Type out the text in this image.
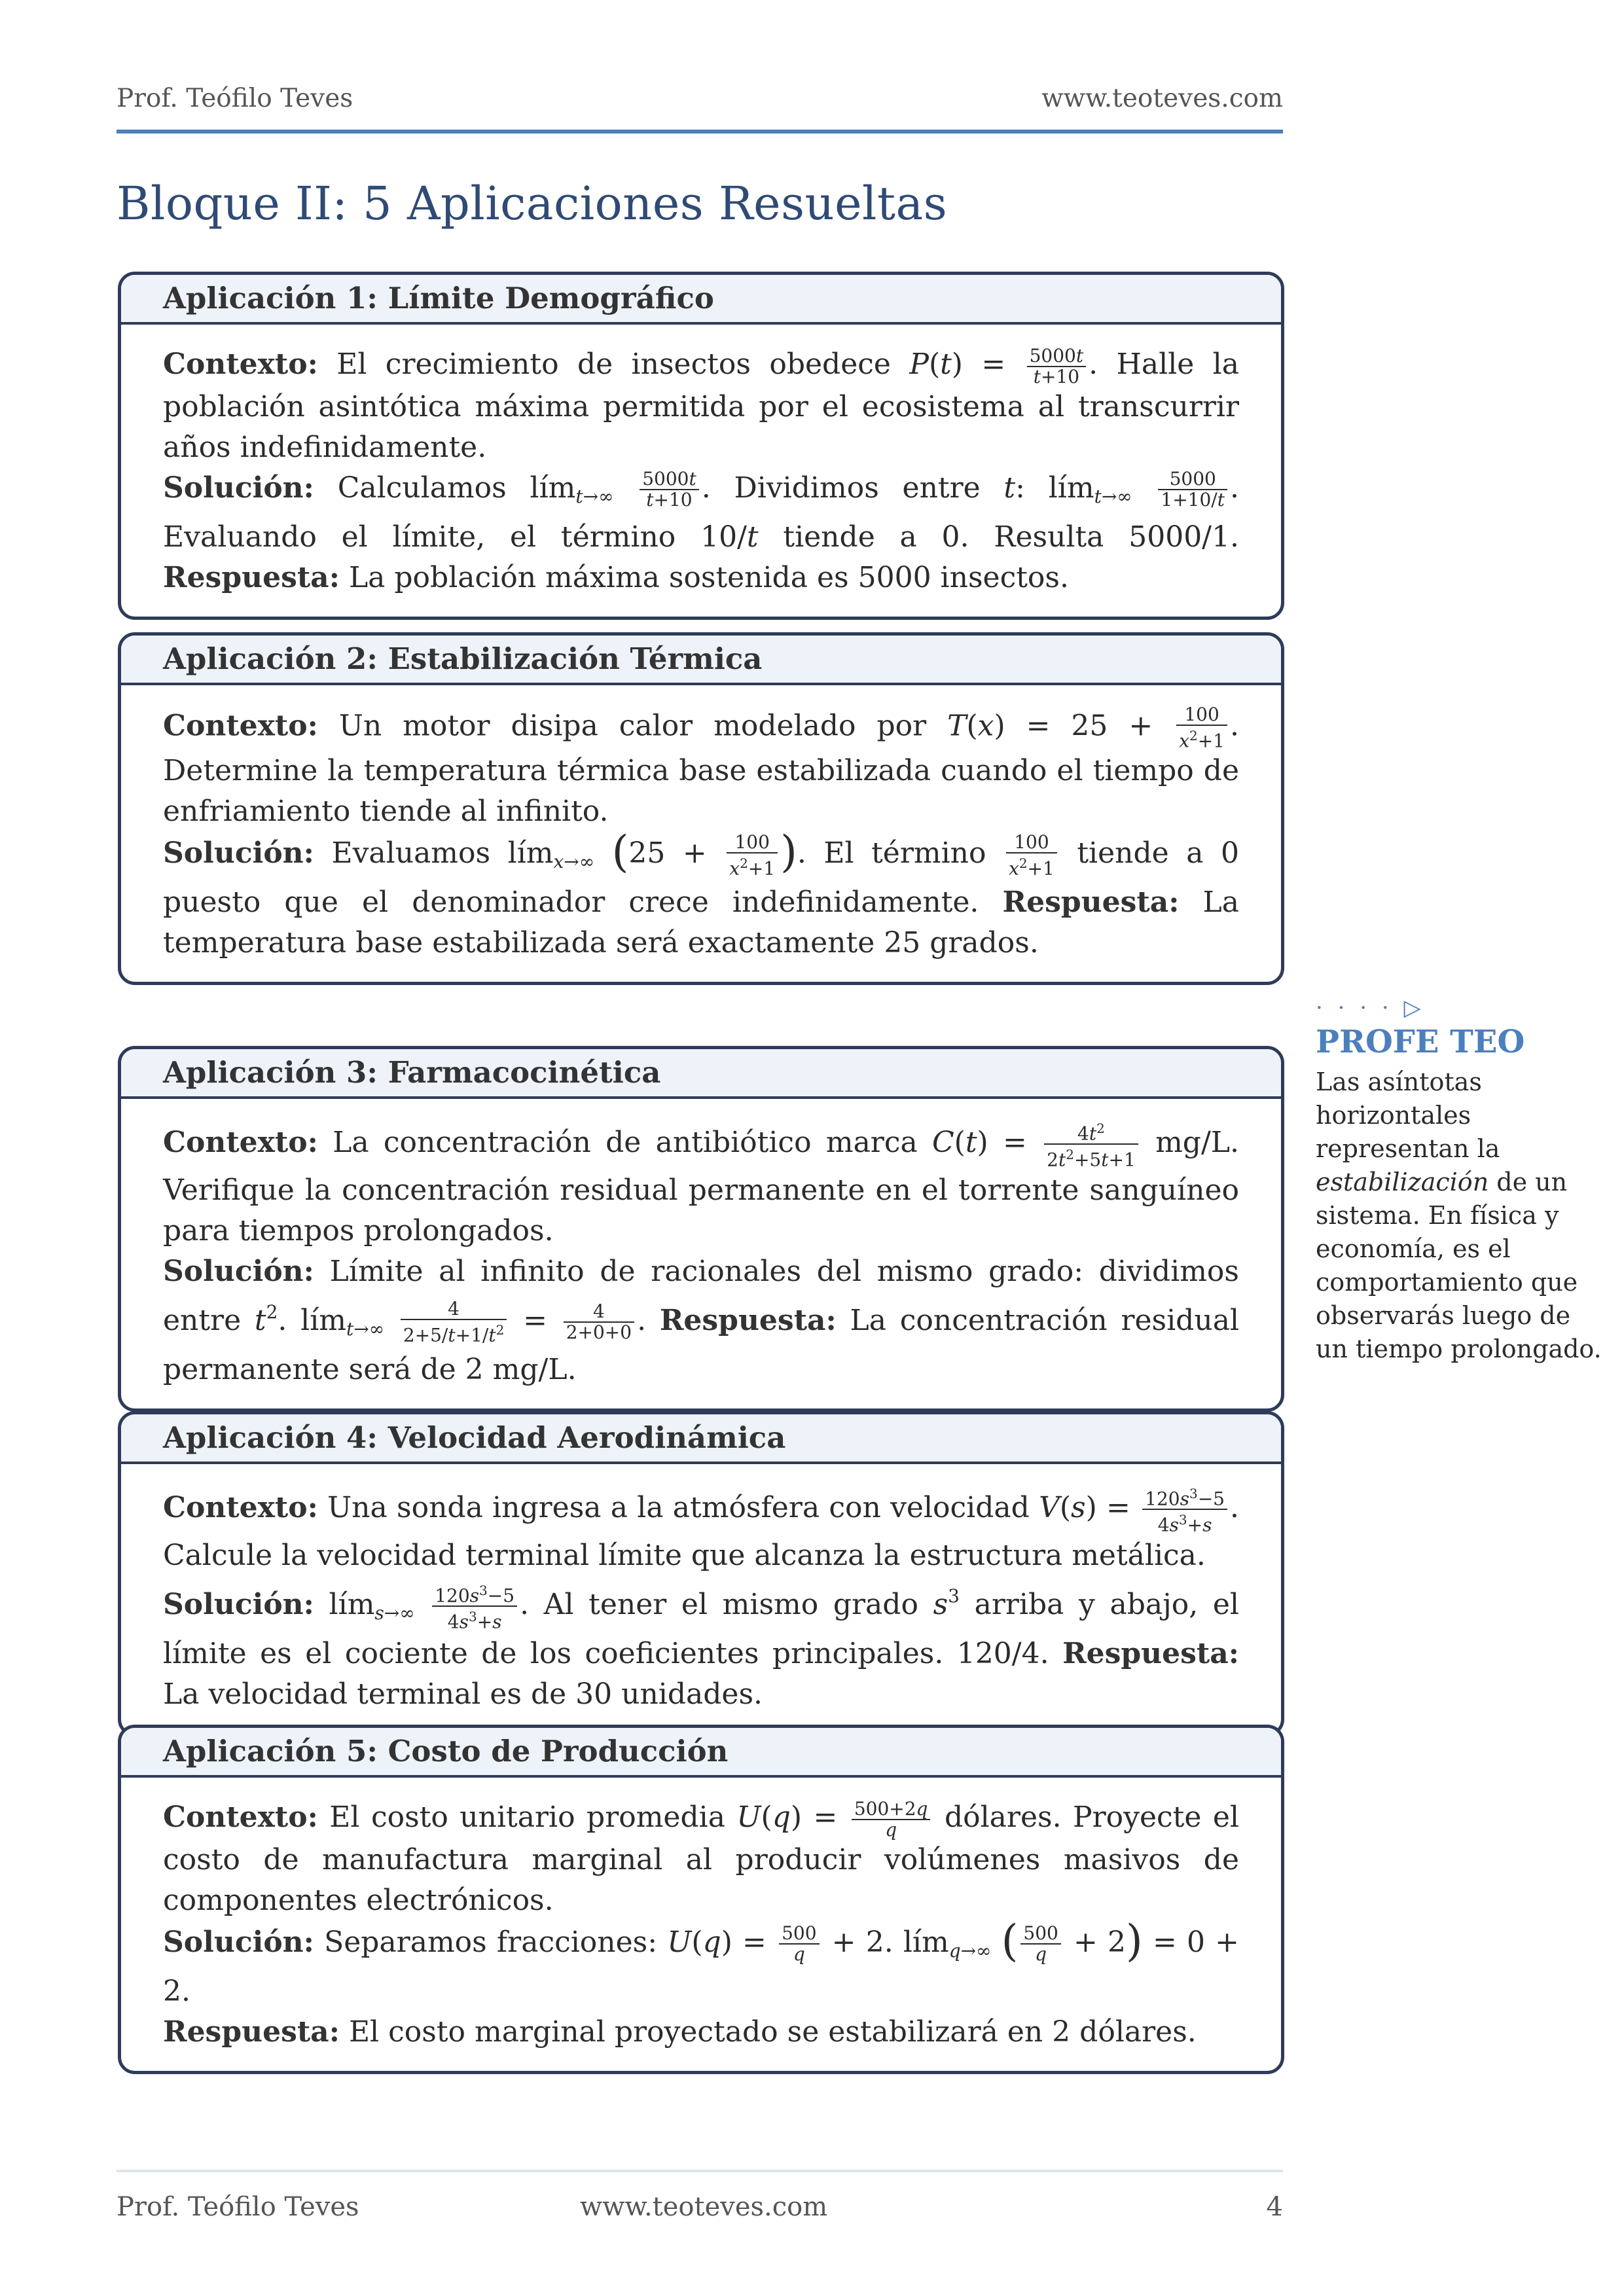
Prof. Teófilo Teves	www.teoteves.com
Bloque II: 5 Aplicaciones Resueltas
Aplicación 1: Límite Demográfico

Contexto: El crecimiento de insectos obedece $P(t) = \frac{5000t}{t+10}$ . Halle la población asintótica máxima permitida por el ecosistema al transcurrir años indefinidamente.

Solución: Calculamos lím$_{t\to\infty}$ $\frac{5000t}{t+10}$ . Dividimos entre t: lím$_{t\to\infty}$ $\frac{5000}{1+10/t}$ . Evaluando el límite, el término 10/t tiende a 0. Resulta 5000/1. Respuesta: La población máxima sostenida es 5000 insectos.

Aplicación 2: Estabilización Térmica

Contexto: Un motor disipa calor modelado por $T(x) = 25 + \frac{100}{x^2+1}$ . Determine la temperatura térmica base estabilizada cuando el tiempo de enfriamiento tiende al infinito.

Solución: Evaluamos lím$_{x\to\infty}$ ($25 + \frac{100}{x^2+1}$ ). El término $\frac{100}{x^2+1}$ tiende a 0 puesto que el denominador crece indefinidamente. Respuesta: La temperatura base estabilizada será exactamente 25 grados.

Aplicación 3: Farmacocinética

Contexto: La concentración de antibiótico marca $C(t) = \frac{4t^2}{2t^2+5t+1} mg/L$. Verifique la concentración residual permanente en el torrente sanguíneo para tiempos prolongados.

Solución: Límite al infinito de racionales del mismo grado: dividimos entre $t^2$. lím$_{t\to\infty}$ $\frac{4}{2+5/t+1/t^2} = \frac{4}{2+0+0}$ . Respuesta: La concentración residual permanente será de 2 mg/L.

Aplicación 4: Velocidad Aerodinámica

Contexto: Una sonda ingresa a la atmósfera con velocidad $V(s) = \frac{120s^3-5}{4s^3+s}$ . Calcule la velocidad terminal límite que alcanza la estructura metálica.

Solución: lím$_{s\to\infty}$ $\frac{120s^3-5}{4s^3+s}$ . Al tener el mismo grado $s^3$ arriba y abajo, el límite es el cociente de los coeficientes principales. 120/4. Respuesta: La velocidad terminal es de 30 unidades.

Aplicación 5: Costo de Producción

Contexto: El costo unitario promedia $U(q) = \frac{500+2q}{q}$ dólares. Proyecte el costo de manufactura marginal al producir volúmenes masivos de componentes electrónicos.

Solución: Separamos fracciones: $U(q) = \frac{500}{q} + 2$. lím$_{q\to\infty}$ ( $\frac{500}{q} + 2) = 0 + 2$.

Respuesta: El costo marginal proyectado se estabilizará en 2 dólares.

· · · · ▷
PROFE TEO
Las asíntotas horizontales representan la estabilización de un sistema. En física y economía, es el comportamiento que observarás luego de un tiempo prolongado.
Prof. Teófilo Teves	www.teoteves.com	4
